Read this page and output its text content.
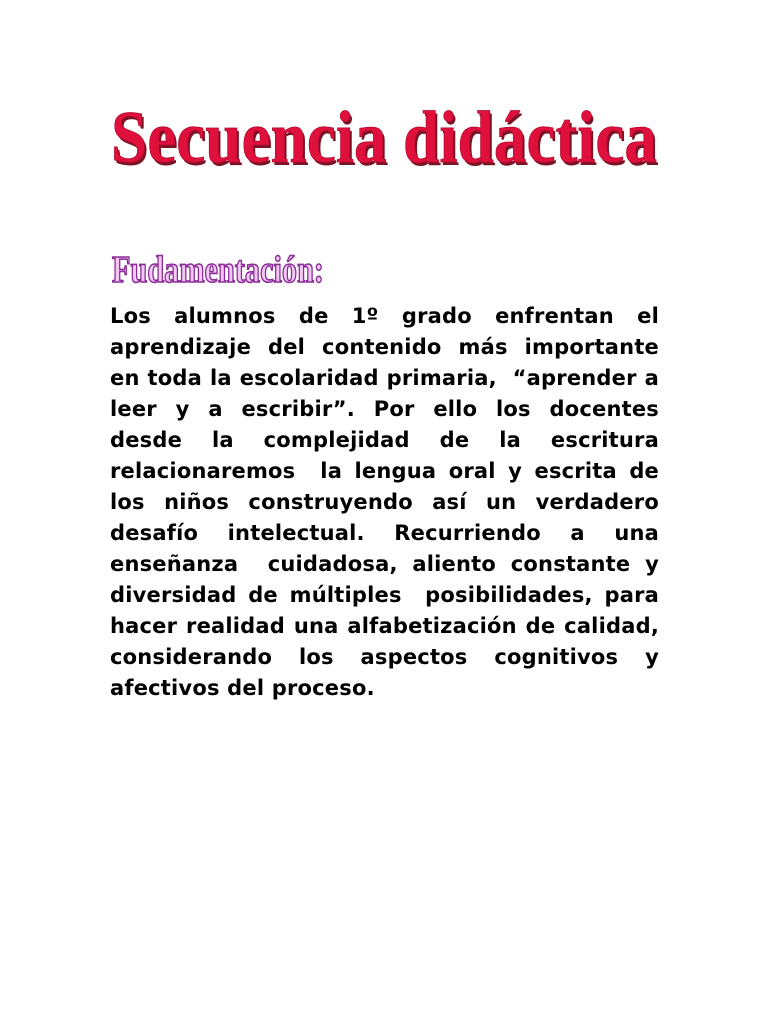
Secuencia didáctica
Secuencia didáctica
Fudamentación:

Los alumnos de 1º grado enfrentan el aprendizaje del contenido más importante  en toda la escolaridad primaria,  “aprender a leer y a escribir”. Por ello los docentes desde la complejidad de la escritura relacionaremos  la lengua oral y escrita de los niños construyendo así un verdadero desafío intelectual. Recurriendo a una enseñanza  cuidadosa, aliento constante y  diversidad de múltiples  posibilidades, para hacer realidad una alfabetización de calidad, considerando los aspectos cognitivos y afectivos del proceso.
